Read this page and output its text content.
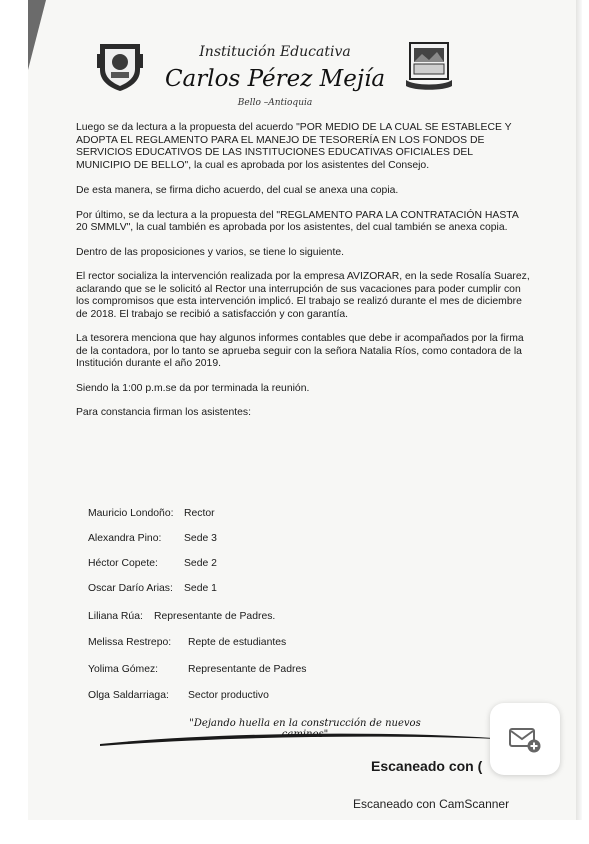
Institución Educativa
Carlos Pérez Mejía
Bello –Antioquia

Luego se da lectura a la propuesta del acuerdo "POR MEDIO DE LA CUAL SE ESTABLECE Y ADOPTA EL REGLAMENTO PARA EL MANEJO DE TESORERÍA EN LOS FONDOS DE SERVICIOS EDUCATIVOS DE LAS INSTITUCIONES EDUCATIVAS OFICIALES DEL MUNICIPIO DE BELLO", la cual es aprobada por los asistentes del Consejo.

De esta manera, se firma dicho acuerdo, del cual se anexa una copia.

Por último, se da lectura a la propuesta del "REGLAMENTO PARA LA CONTRATACIÓN HASTA 20 SMMLV", la cual también es aprobada por los asistentes, del cual también se anexa copia.

Dentro de las proposiciones y varios, se tiene lo siguiente.

El rector socializa la intervención realizada por la empresa AVIZORAR, en la sede Rosalía Suarez, aclarando que se le solicitó al Rector una interrupción de sus vacaciones para poder cumplir con los compromisos que esta intervención implicó. El trabajo se realizó durante el mes de diciembre de 2018. El trabajo se recibió a satisfacción y con garantía.

La tesorera menciona que hay algunos informes contables que debe ir acompañados por la firma de la contadora, por lo tanto se aprueba seguir con la señora Natalia Ríos, como contadora de la Institución durante el año 2019.

Siendo la 1:00 p.m.se da por terminada la reunión.

Para constancia firman los asistentes:

Mauricio Londoño: Rector
Alexandra Pino: Sede 3
Héctor Copete:	Sede 2
Oscar Darío Arias: Sede 1
Liliana Rúa: Representante de Padres.
Melissa Restrepo: Repte de estudiantes
Yolima Gómez:	Representante de Padres
Olga Saldarriaga: Sector productivo
"Dejando huella en la construcción de nuevos
Escaneado con (
Escaneado con CamScanner
